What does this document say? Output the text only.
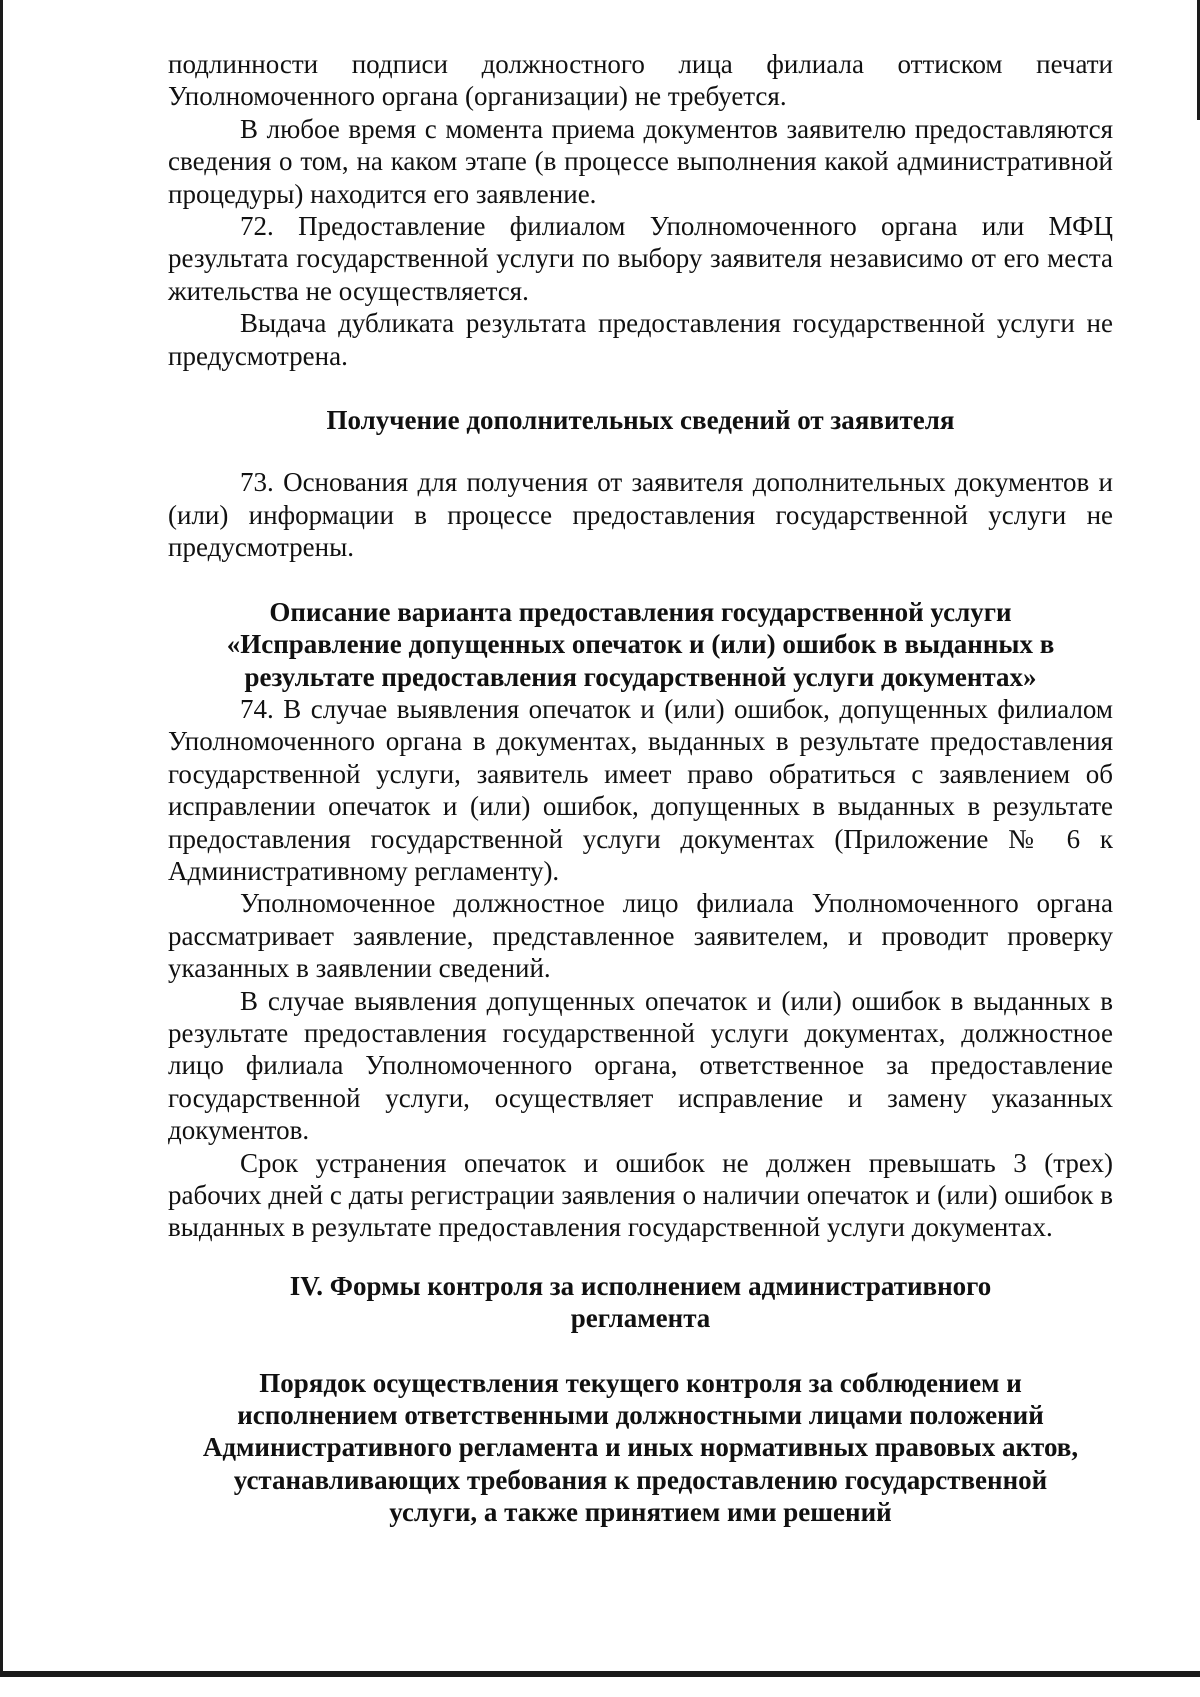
подлинности подписи должностного лица филиала оттиском печати Уполномоченного органа (организации) не требуется.

В любое время с момента приема документов заявителю предоставляются сведения о том, на каком этапе (в процессе выполнения какой административной процедуры) находится его заявление.

72. Предоставление филиалом Уполномоченного органа или МФЦ результата государственной услуги по выбору заявителя независимо от его места жительства не осуществляется.

Выдача дубликата результата предоставления государственной услуги не предусмотрена.

Получение дополнительных сведений от заявителя

73. Основания для получения от заявителя дополнительных документов и (или) информации в процессе предоставления государственной услуги не предусмотрены.

Описание варианта предоставления государственной услуги
«Исправление допущенных опечаток и (или) ошибок в выданных в
результате предоставления государственной услуги документах»

74. В случае выявления опечаток и (или) ошибок, допущенных филиалом Уполномоченного органа в документах, выданных в результате предоставления государственной услуги, заявитель имеет право обратиться с заявлением об исправлении опечаток и (или) ошибок, допущенных в выданных в результате предоставления государственной услуги документах (Приложение № 6 к Административному регламенту).

Уполномоченное должностное лицо филиала Уполномоченного органа рассматривает заявление, представленное заявителем, и проводит проверку указанных в заявлении сведений.

В случае выявления допущенных опечаток и (или) ошибок в выданных в результате предоставления государственной услуги документах, должностное лицо филиала Уполномоченного органа, ответственное за предоставление государственной услуги, осуществляет исправление и замену указанных документов.

Срок устранения опечаток и ошибок не должен превышать 3 (трех) рабочих дней с даты регистрации заявления о наличии опечаток и (или) ошибок в выданных в результате предоставления государственной услуги документах.

IV. Формы контроля за исполнением административного
регламента
Порядок осуществления текущего контроля за соблюдением и
исполнением ответственными должностными лицами положений
Административного регламента и иных нормативных правовых актов,
устанавливающих требования к предоставлению государственной
услуги, а также принятием ими решений
